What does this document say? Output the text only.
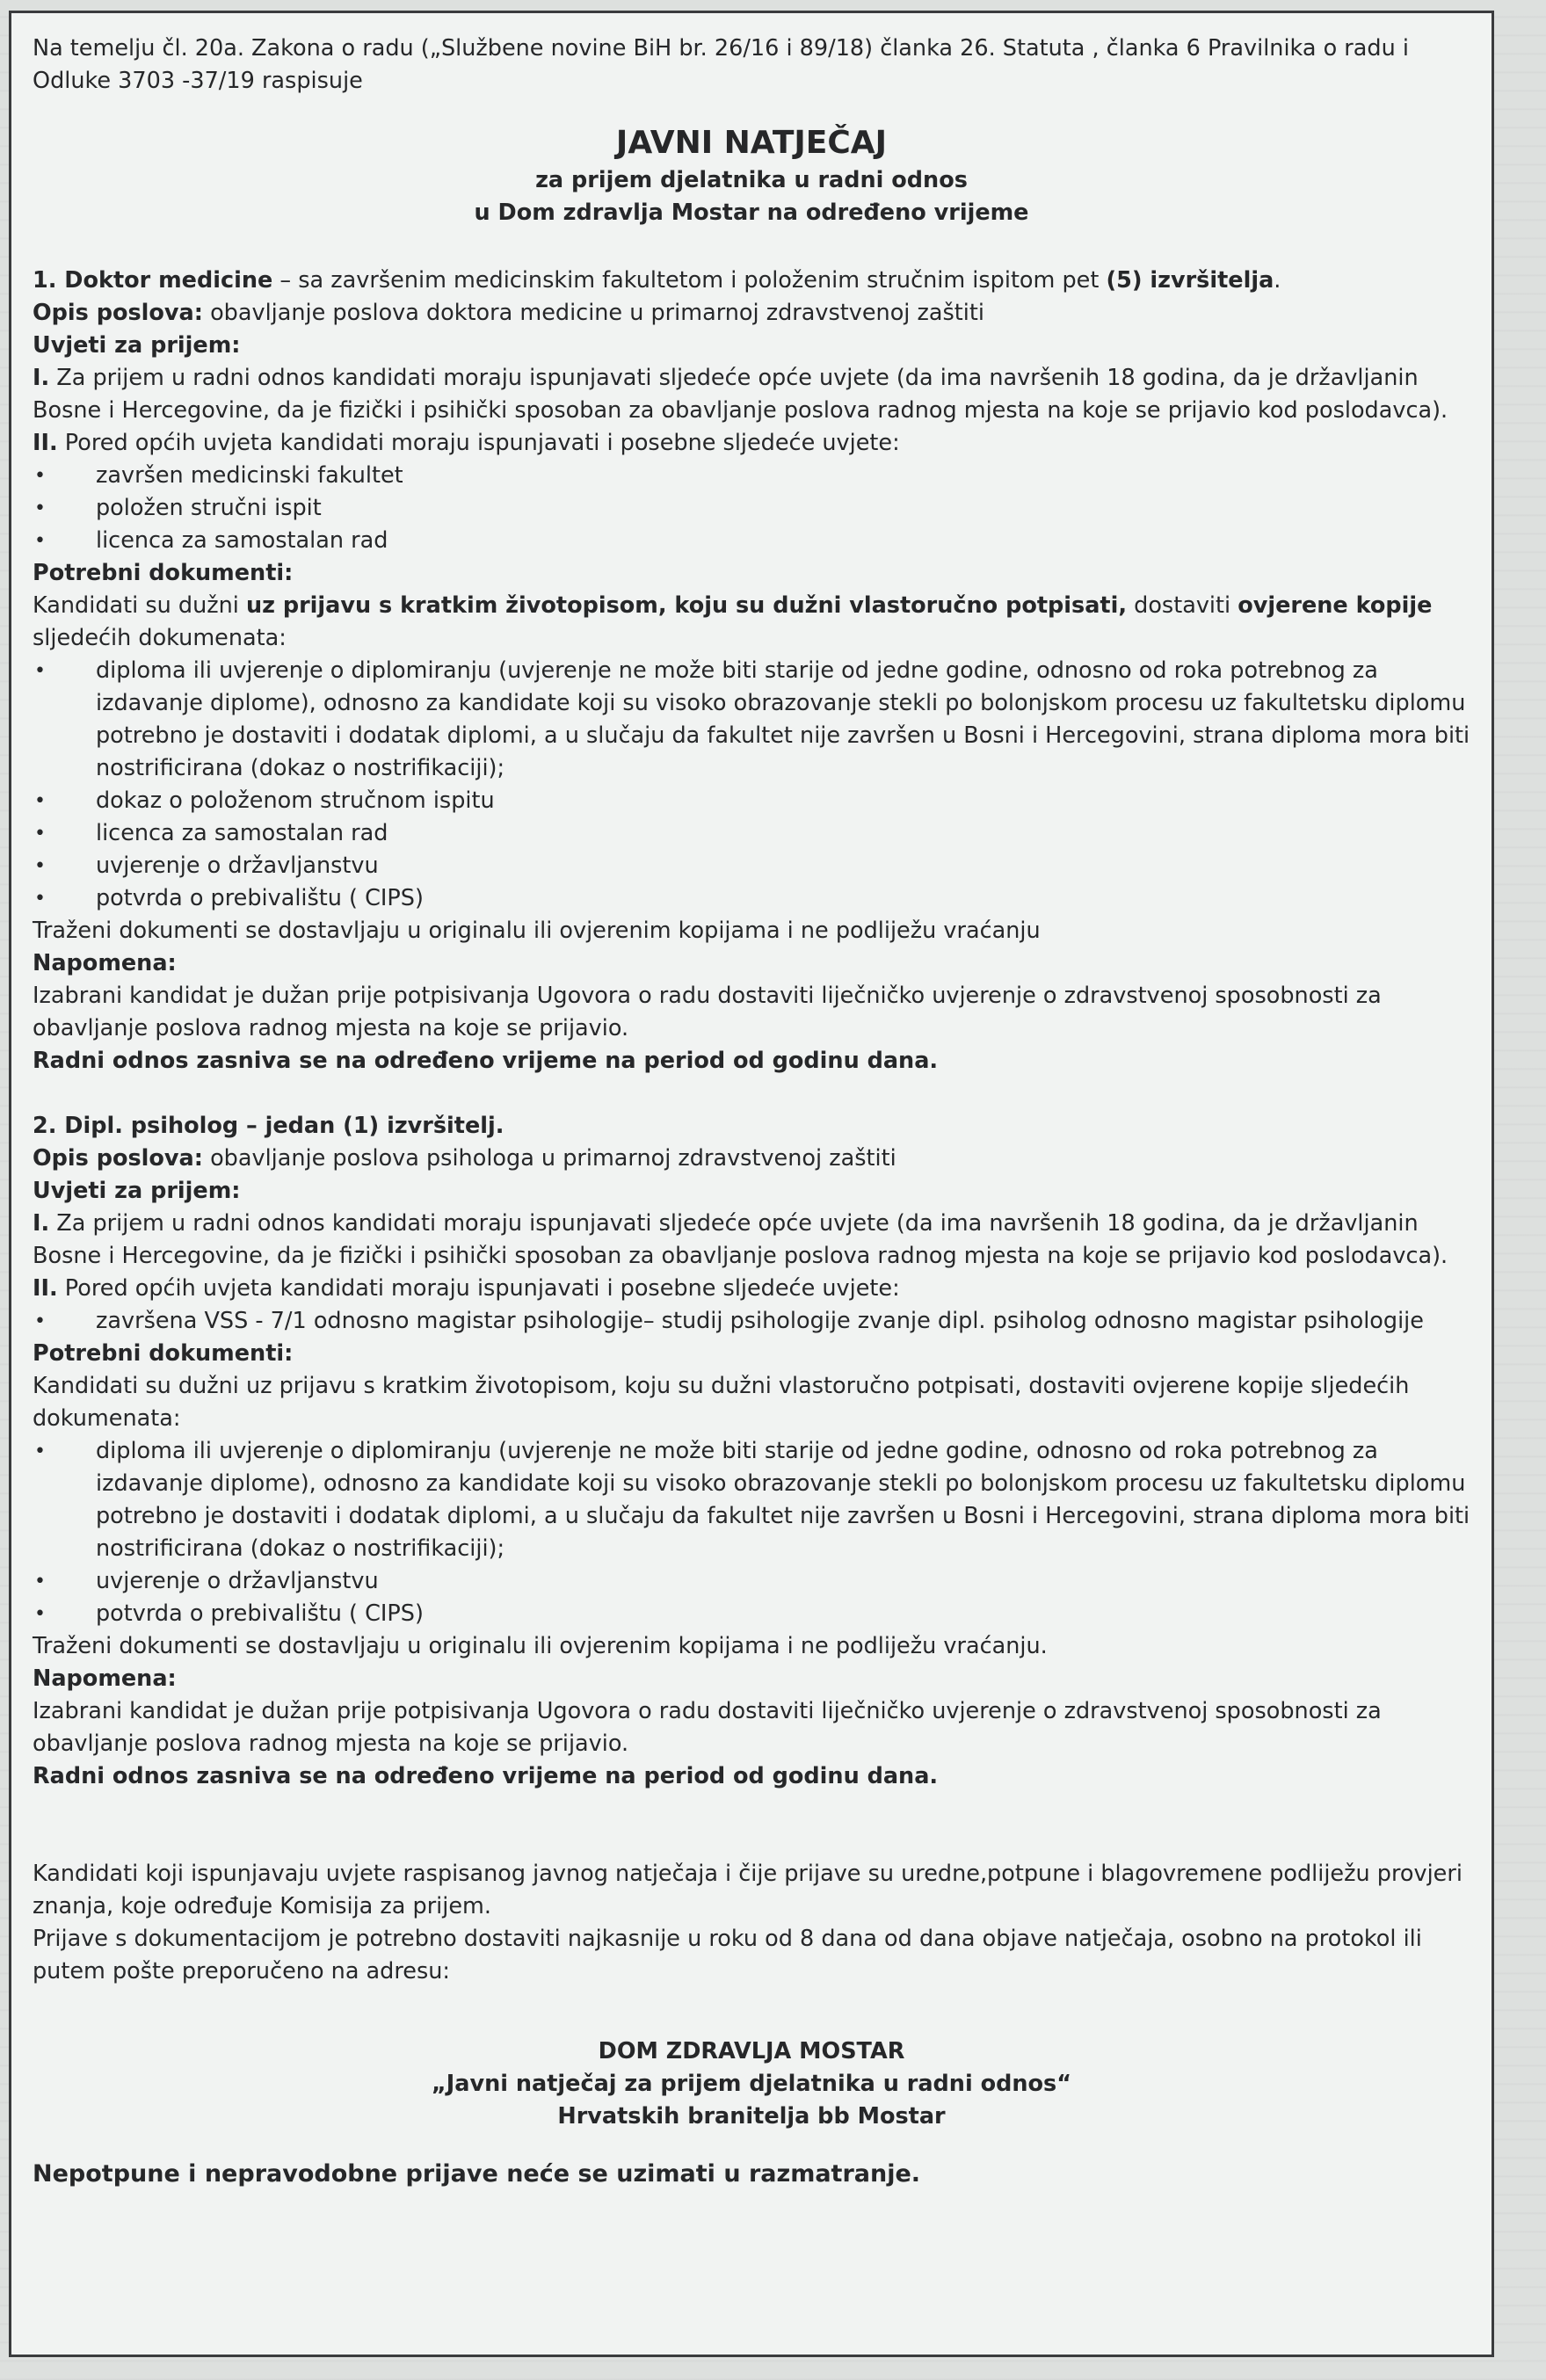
Na temelju čl. 20a. Zakona o radu („Službene novine BiH br. 26/16 i 89/18) članka 26. Statuta , članka 6 Pravilnika o radu i Odluke 3703 -37/19 raspisuje

JAVNI NATJEČAJ

za prijem djelatnika u radni odnos

u Dom zdravlja Mostar na određeno vrijeme

1. Doktor medicine – sa završenim medicinskim fakultetom i položenim stručnim ispitom pet (5) izvršitelja.

Opis poslova: obavljanje poslova doktora medicine u primarnoj zdravstvenoj zaštiti

Uvjeti za prijem:

I. Za prijem u radni odnos kandidati moraju ispunjavati sljedeće opće uvjete (da ima navršenih 18 godina, da je državljanin Bosne i Hercegovine, da je fizički i psihički sposoban za obavljanje poslova radnog mjesta na koje se prijavio kod poslodavca).

II. Pored općih uvjeta kandidati moraju ispunjavati i posebne sljedeće uvjete:

• završen medicinski fakultet
• položen stručni ispit
• licenca za samostalan rad

Potrebni dokumenti:

Kandidati su dužni uz prijavu s kratkim životopisom, koju su dužni vlastoručno potpisati, dostaviti ovjerene kopije sljedećih dokumenata:

• diploma ili uvjerenje o diplomiranju (uvjerenje ne može biti starije od jedne godine, odnosno od roka potrebnog za izdavanje diplome), odnosno za kandidate koji su visoko obrazovanje stekli po bolonjskom procesu uz fakultetsku diplomu potrebno je dostaviti i dodatak diplomi, a u slučaju da fakultet nije završen u Bosni i Hercegovini, strana diploma mora biti nostrificirana (dokaz o nostrifikaciji);
• dokaz o položenom stručnom ispitu
• licenca za samostalan rad
• uvjerenje o državljanstvu
• potvrda o prebivalištu ( CIPS)

Traženi dokumenti se dostavljaju u originalu ili ovjerenim kopijama i ne podliježu vraćanju

Napomena:

Izabrani kandidat je dužan prije potpisivanja Ugovora o radu dostaviti liječničko uvjerenje o zdravstvenoj sposobnosti za obavljanje poslova radnog mjesta na koje se prijavio.

Radni odnos zasniva se na određeno vrijeme na period od godinu dana.

2. Dipl. psiholog – jedan (1) izvršitelj.

Opis poslova: obavljanje poslova psihologa u primarnoj zdravstvenoj zaštiti

Uvjeti za prijem:

I. Za prijem u radni odnos kandidati moraju ispunjavati sljedeće opće uvjete (da ima navršenih 18 godina, da je državljanin Bosne i Hercegovine, da je fizički i psihički sposoban za obavljanje poslova radnog mjesta na koje se prijavio kod poslodavca).

II. Pored općih uvjeta kandidati moraju ispunjavati i posebne sljedeće uvjete:

• završena VSS - 7/1 odnosno magistar psihologije– studij psihologije zvanje dipl. psiholog odnosno magistar psihologije

Potrebni dokumenti:

Kandidati su dužni uz prijavu s kratkim životopisom, koju su dužni vlastoručno potpisati, dostaviti ovjerene kopije sljedećih dokumenata:

• diploma ili uvjerenje o diplomiranju (uvjerenje ne može biti starije od jedne godine, odnosno od roka potrebnog za izdavanje diplome), odnosno za kandidate koji su visoko obrazovanje stekli po bolonjskom procesu uz fakultetsku diplomu potrebno je dostaviti i dodatak diplomi, a u slučaju da fakultet nije završen u Bosni i Hercegovini, strana diploma mora biti nostrificirana (dokaz o nostrifikaciji);
• uvjerenje o državljanstvu
• potvrda o prebivalištu ( CIPS)

Traženi dokumenti se dostavljaju u originalu ili ovjerenim kopijama i ne podliježu vraćanju.

Napomena:

Izabrani kandidat je dužan prije potpisivanja Ugovora o radu dostaviti liječničko uvjerenje o zdravstvenoj sposobnosti za obavljanje poslova radnog mjesta na koje se prijavio.

Radni odnos zasniva se na određeno vrijeme na period od godinu dana.

Kandidati koji ispunjavaju uvjete raspisanog javnog natječaja i čije prijave su uredne,potpune i blagovremene podliježu provjeri znanja, koje određuje Komisija za prijem.

Prijave s dokumentacijom je potrebno dostaviti najkasnije u roku od 8 dana od dana objave natječaja, osobno na protokol ili putem pošte preporučeno na adresu:

DOM ZDRAVLJA MOSTAR

„Javni natječaj za prijem djelatnika u radni odnos“

Hrvatskih branitelja bb Mostar

Nepotpune i nepravodobne prijave neće se uzimati u razmatranje.
